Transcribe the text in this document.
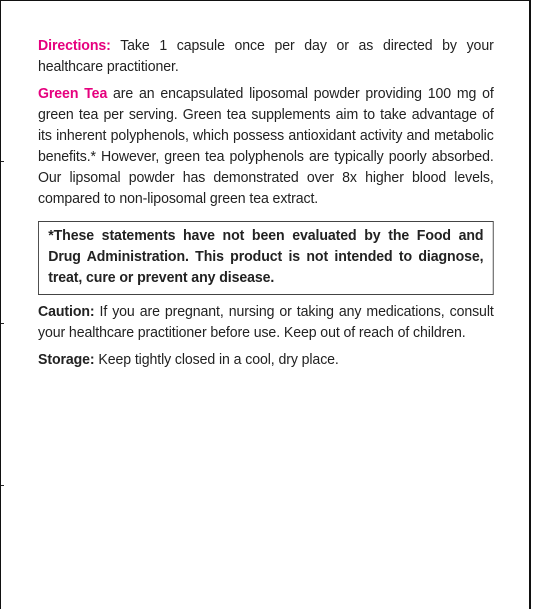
Directions: Take 1 capsule once per day or as directed by your healthcare practitioner.

Green Tea are an encapsulated liposomal powder providing 100 mg of green tea per serving. Green tea supplements aim to take advantage of its inherent polyphenols, which possess antioxidant activity and metabolic benefits.* However, green tea polyphenols are typically poorly absorbed. Our lipsomal powder has demonstrated over 8x higher blood levels, compared to non-liposomal green tea extract.

*These statements have not been evaluated by the Food and Drug Administration. This product is not intended to diagnose, treat, cure or prevent any disease.

Caution: If you are pregnant, nursing or taking any medications, consult your healthcare practitioner before use. Keep out of reach of children.

Storage: Keep tightly closed in a cool, dry place.
